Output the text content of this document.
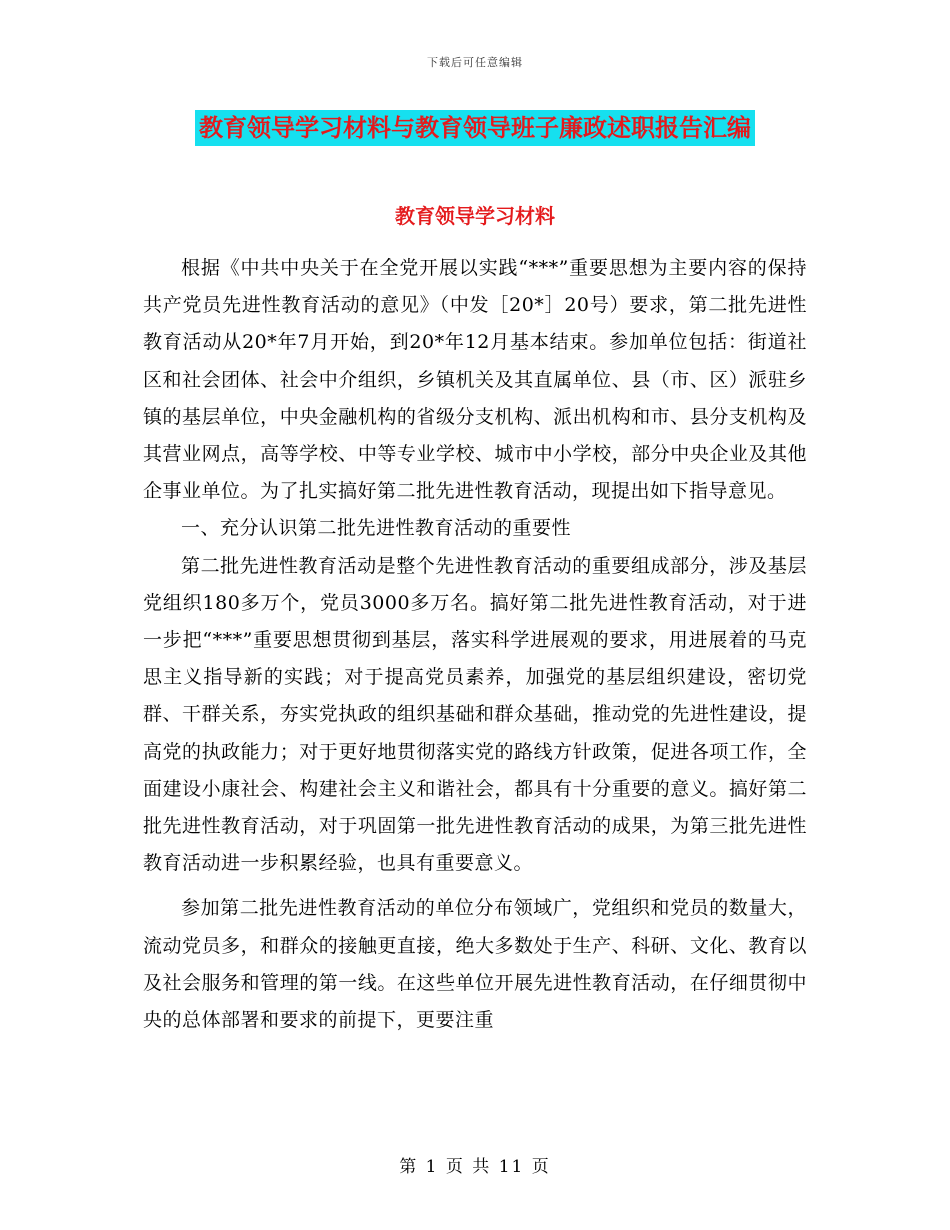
下载后可任意编辑
教育领导学习材料与教育领导班子廉政述职报告汇编
教育领导学习材料

根据《中共中央关于在全党开展以实践“***”重要思想为主要内容的保持共产党员先进性教育活动的意见》（中发［20*］20号）要求，第二批先进性教育活动从20*年7月开始，到20*年12月基本结束。参加单位包括：街道社区和社会团体、社会中介组织，乡镇机关及其直属单位、县（市、区）派驻乡镇的基层单位，中央金融机构的省级分支机构、派出机构和市、县分支机构及其营业网点，高等学校、中等专业学校、城市中小学校，部分中央企业及其他企事业单位。为了扎实搞好第二批先进性教育活动，现提出如下指导意见。

一、充分认识第二批先进性教育活动的重要性

第二批先进性教育活动是整个先进性教育活动的重要组成部分，涉及基层党组织180多万个，党员3000多万名。搞好第二批先进性教育活动，对于进一步把“***”重要思想贯彻到基层，落实科学进展观的要求，用进展着的马克思主义指导新的实践；对于提高党员素养，加强党的基层组织建设，密切党群、干群关系，夯实党执政的组织基础和群众基础，推动党的先进性建设，提高党的执政能力；对于更好地贯彻落实党的路线方针政策，促进各项工作，全面建设小康社会、构建社会主义和谐社会，都具有十分重要的意义。搞好第二批先进性教育活动，对于巩固第一批先进性教育活动的成果，为第三批先进性教育活动进一步积累经验，也具有重要意义。

参加第二批先进性教育活动的单位分布领域广，党组织和党员的数量大，流动党员多，和群众的接触更直接，绝大多数处于生产、科研、文化、教育以及社会服务和管理的第一线。在这些单位开展先进性教育活动，在仔细贯彻中央的总体部署和要求的前提下，更要注重

第 1 页 共 11 页
